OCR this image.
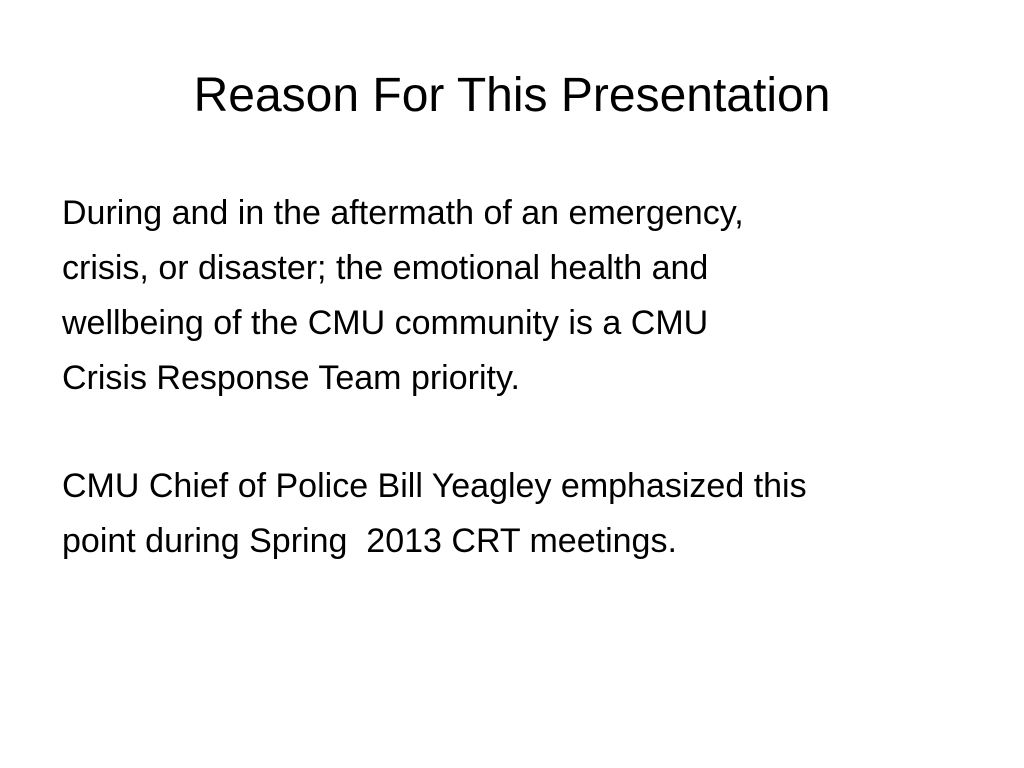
Reason For This Presentation

During and in the aftermath of an emergency,
crisis, or disaster; the emotional health and
wellbeing of the CMU community is a CMU
Crisis Response Team priority.

CMU Chief of Police Bill Yeagley emphasized this
point during Spring  2013 CRT meetings.
